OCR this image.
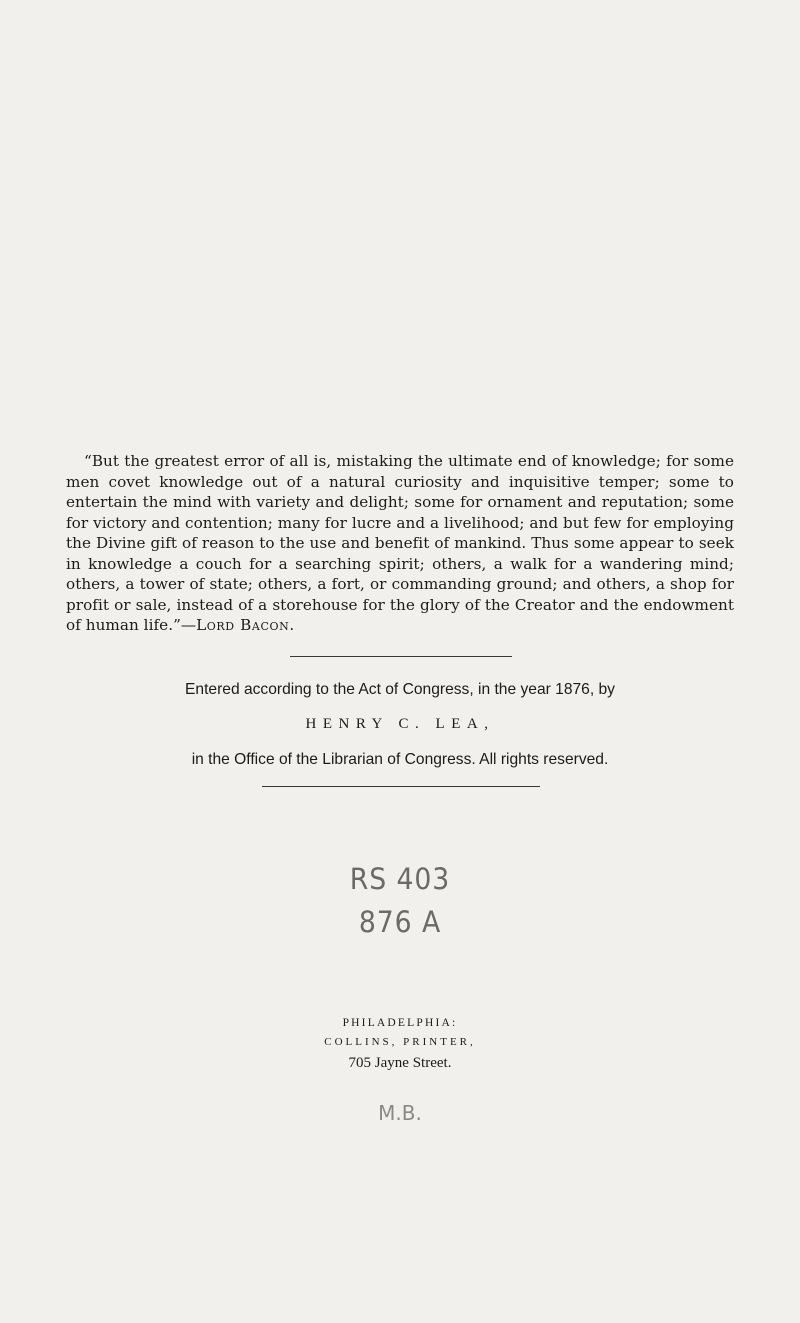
“But the greatest error of all is, mistaking the ultimate end of knowledge; for some men covet knowledge out of a natural curiosity and inquisitive temper; some to entertain the mind with variety and delight; some for ornament and reputation; some for victory and contention; many for lucre and a livelihood; and but few for employing the Divine gift of reason to the use and benefit of mankind. Thus some appear to seek in knowledge a couch for a searching spirit; others, a walk for a wandering mind; others, a tower of state; others, a fort, or commanding ground; and others, a shop for profit or sale, instead of a storehouse for the glory of the Creator and the endowment of human life.”—Lord Bacon.

Entered according to the Act of Congress, in the year 1876, by
HENRY C. LEA,
in the Office of the Librarian of Congress. All rights reserved.
RS 403
876 A
PHILADELPHIA:
COLLINS, PRINTER,
705 Jayne Street.
M.B.
